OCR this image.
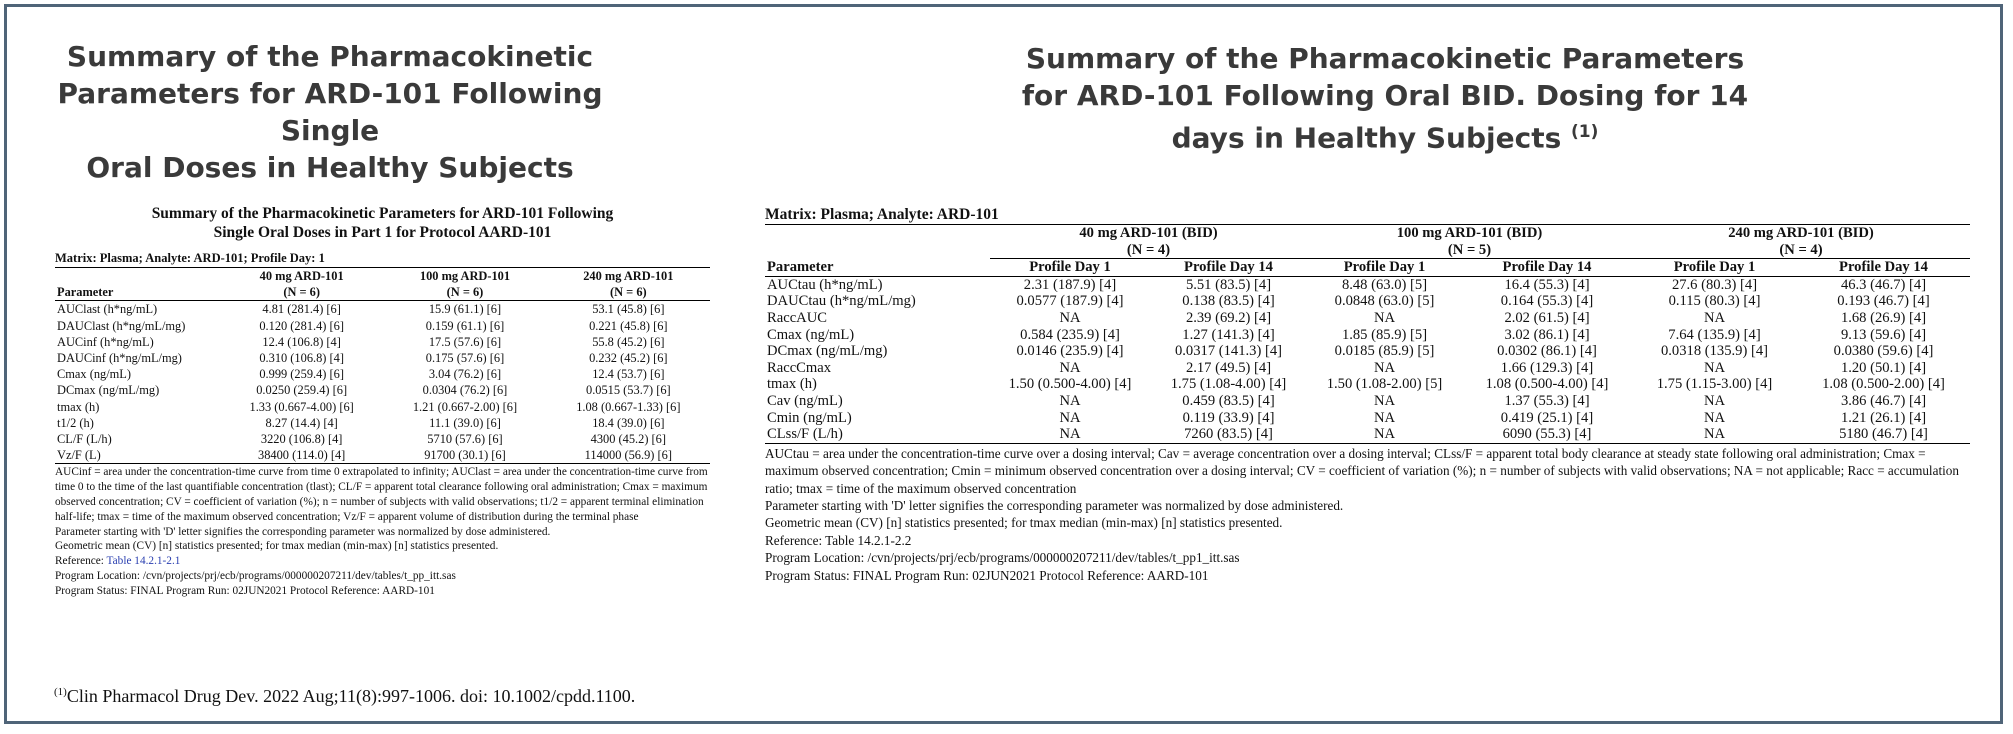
Summary of the Pharmacokinetic
Parameters for ARD-101 Following Single
Oral Doses in Healthy Subjects
Summary of the Pharmacokinetic Parameters
for ARD-101 Following Oral BID. Dosing for 14
days in Healthy Subjects $^{(1)}$
Summary of the Pharmacokinetic Parameters for ARD-101 Following
Single Oral Doses in Part 1 for Protocol AARD-101
Matrix: Plasma; Analyte: ARD-101; Profile Day: 1
Parameter	40 mg ARD-101	100 mg ARD-101	240 mg ARD-101
	(N = 6)	(N = 6)	(N = 6)
AUClast (h*ng/mL)	4.81 (281.4) [6]	15.9 (61.1) [6]	53.1 (45.8) [6]
DAUClast (h*ng/mL/mg)	0.120 (281.4) [6]	0.159 (61.1) [6]	0.221 (45.8) [6]
AUCinf (h*ng/mL)	12.4 (106.8) [4]	17.5 (57.6) [6]	55.8 (45.2) [6]
DAUCinf (h*ng/mL/mg)	0.310 (106.8) [4]	0.175 (57.6) [6]	0.232 (45.2) [6]
Cmax (ng/mL)	0.999 (259.4) [6]	3.04 (76.2) [6]	12.4 (53.7) [6]
DCmax (ng/mL/mg)	0.0250 (259.4) [6]	0.0304 (76.2) [6]	0.0515 (53.7) [6]
tmax (h)	1.33 (0.667-4.00) [6]	1.21 (0.667-2.00) [6]	1.08 (0.667-1.33) [6]
t1/2 (h)	8.27 (14.4) [4]	11.1 (39.0) [6]	18.4 (39.0) [6]
CL/F (L/h)	3220 (106.8) [4]	5710 (57.6) [6]	4300 (45.2) [6]
Vz/F (L)	38400 (114.0) [4]	91700 (30.1) [6]	114000 (56.9) [6]
AUCinf = area under the concentration-time curve from time 0 extrapolated to infinity; AUClast = area under the concentration-time curve from time 0 to the time of the last quantifiable concentration (tlast); CL/F = apparent total clearance following oral administration; Cmax = maximum observed concentration; CV = coefficient of variation (%); n = number of subjects with valid observations; t1/2 = apparent terminal elimination half-life; tmax = time of the maximum observed concentration; Vz/F = apparent volume of distribution during the terminal phase
Parameter starting with 'D' letter signifies the corresponding parameter was normalized by dose administered.
Geometric mean (CV) [n] statistics presented; for tmax median (min-max) [n] statistics presented.
Reference: Table 14.2.1-2.1
Program Location: /cvn/projects/prj/ecb/programs/000000207211/dev/tables/t_pp_itt.sas
Program Status: FINAL Program Run: 02JUN2021 Protocol Reference: AARD-101
Matrix: Plasma; Analyte: ARD-101
Parameter	40 mg ARD-101 (BID)		100 mg ARD-101 (BID)		240 mg ARD-101 (BID)	
	(N = 4)		(N = 5)		(N = 4)	
	Profile Day 1	Profile Day 14	Profile Day 1	Profile Day 14	Profile Day 1	Profile Day 14
AUCtau (h*ng/mL)	2.31 (187.9) [4]	5.51 (83.5) [4]	8.48 (63.0) [5]	16.4 (55.3) [4]	27.6 (80.3) [4]	46.3 (46.7) [4]
DAUCtau (h*ng/mL/mg)	0.0577 (187.9) [4]	0.138 (83.5) [4]	0.0848 (63.0) [5]	0.164 (55.3) [4]	0.115 (80.3) [4]	0.193 (46.7) [4]
RaccAUC	NA	2.39 (69.2) [4]	NA	2.02 (61.5) [4]	NA	1.68 (26.9) [4]
Cmax (ng/mL)	0.584 (235.9) [4]	1.27 (141.3) [4]	1.85 (85.9) [5]	3.02 (86.1) [4]	7.64 (135.9) [4]	9.13 (59.6) [4]
DCmax (ng/mL/mg)	0.0146 (235.9) [4]	0.0317 (141.3) [4]	0.0185 (85.9) [5]	0.0302 (86.1) [4]	0.0318 (135.9) [4]	0.0380 (59.6) [4]
RaccCmax	NA	2.17 (49.5) [4]	NA	1.66 (129.3) [4]	NA	1.20 (50.1) [4]
tmax (h)	1.50 (0.500-4.00) [4]	1.75 (1.08-4.00) [4]	1.50 (1.08-2.00) [5]	1.08 (0.500-4.00) [4]	1.75 (1.15-3.00) [4]	1.08 (0.500-2.00) [4]
Cav (ng/mL)	NA	0.459 (83.5) [4]	NA	1.37 (55.3) [4]	NA	3.86 (46.7) [4]
Cmin (ng/mL)	NA	0.119 (33.9) [4]	NA	0.419 (25.1) [4]	NA	1.21 (26.1) [4]
CLss/F (L/h)	NA	7260 (83.5) [4]	NA	6090 (55.3) [4]	NA	5180 (46.7) [4]
AUCtau = area under the concentration-time curve over a dosing interval; Cav = average concentration over a dosing interval; CLss/F = apparent total body clearance at steady state following oral administration; Cmax = maximum observed concentration; Cmin = minimum observed concentration over a dosing interval; CV = coefficient of variation (%); n = number of subjects with valid observations; NA = not applicable; Racc = accumulation ratio; tmax = time of the maximum observed concentration
Parameter starting with 'D' letter signifies the corresponding parameter was normalized by dose administered.
Geometric mean (CV) [n] statistics presented; for tmax median (min-max) [n] statistics presented.
Reference: Table 14.2.1-2.2
Program Location: /cvn/projects/prj/ecb/programs/000000207211/dev/tables/t_pp1_itt.sas
Program Status: FINAL Program Run: 02JUN2021 Protocol Reference: AARD-101
$^{(1)}$Clin Pharmacol Drug Dev. 2022 Aug;11(8):997-1006. doi: 10.1002/cpdd.1100.
